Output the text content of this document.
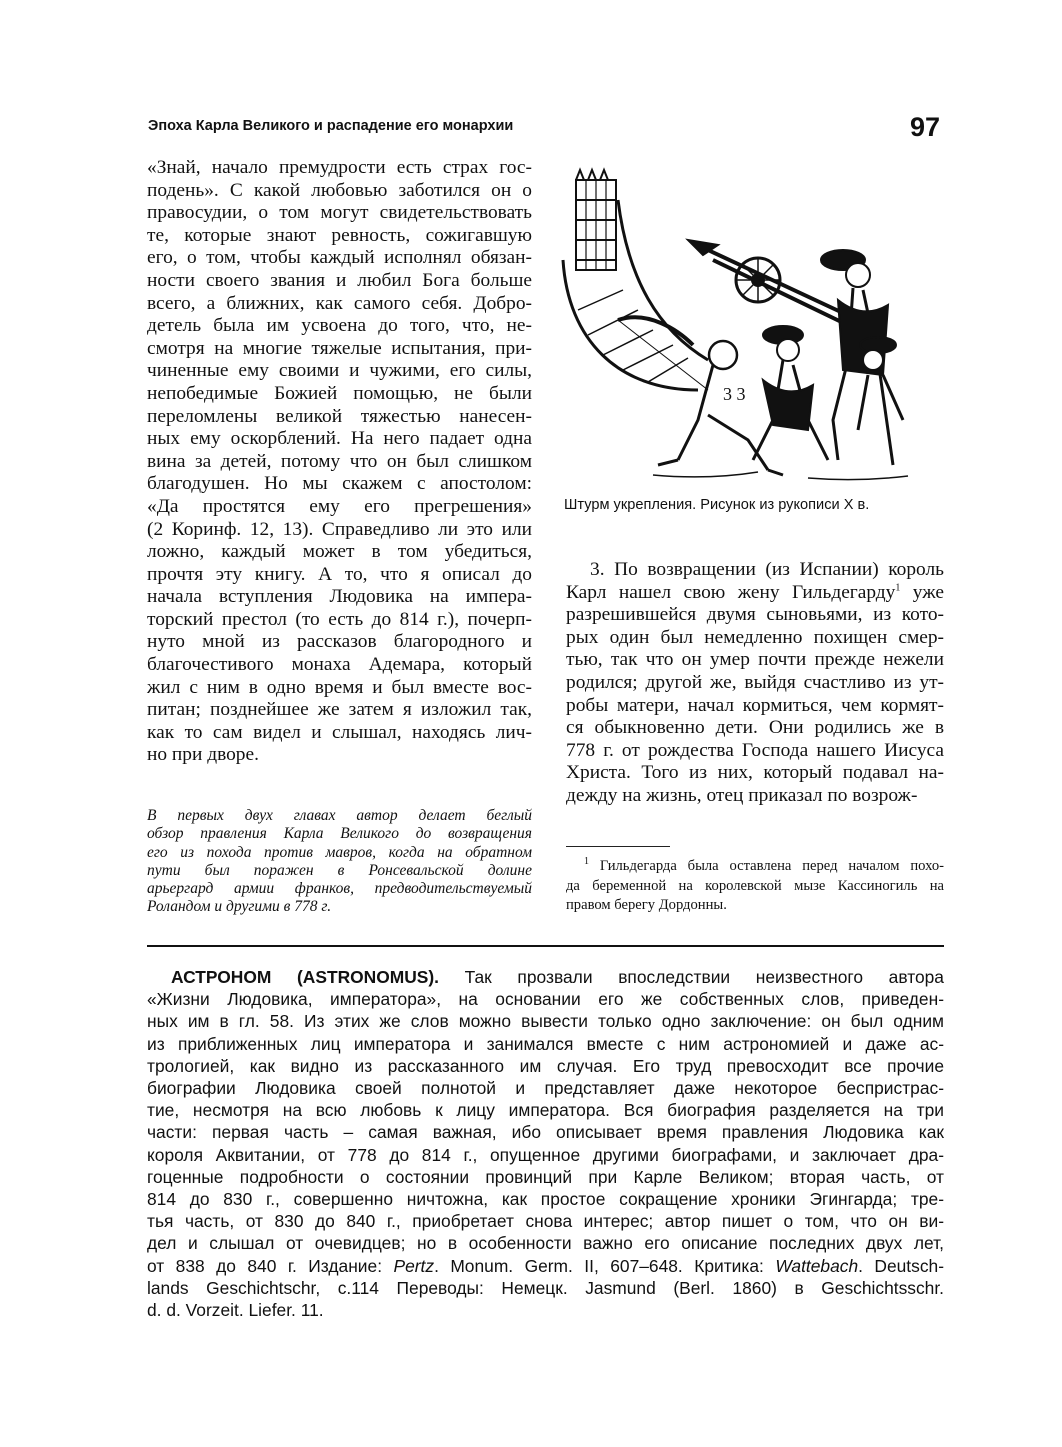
Эпоха Карла Великого и распадение его монархии	97
«Знай, начало премудрости есть страх гос-
подень». С какой любовью заботился он о
правосудии, о том могут свидетельствовать
те, которые знают ревность, сожигавшую
его, о том, чтобы каждый исполнял обязан-
ности своего звания и любил Бога больше
всего, а ближних, как самого себя. Добро-
детель была им усвоена до того, что, не-
смотря на многие тяжелые испытания, при-
чиненные ему своими и чужими, его силы,
непобедимые Божией помощью, не были
переломлены великой тяжестью нанесен-
ных ему оскорблений. На него падает одна
вина за детей, потому что он был слишком
благодушен. Но мы скажем с апостолом:
«Да простятся ему его прегрешения»
(2 Коринф. 12, 13). Справедливо ли это или
ложно, каждый может в том убедиться,
прочтя эту книгу. А то, что я описал до
начала вступления Людовика на импера-
торский престол (то есть до 814 г.), почерп-
нуто мной из рассказов благородного и
благочестивого монаха Адемара, который
жил с ним в одно время и был вместе вос-
питан; позднейшее же затем я изложил так,
как то сам видел и слышал, находясь лич-
но при дворе.
В первых двух главах автор делает беглый
обзор правления Карла Великого до возвращения
его из похода против мавров, когда на обратном
пути был поражен в Ронсевальской долине
арьергард армии франков, предводительствуемый
Роландом и другими в 778 г.
3 3
Штурм укрепления. Рисунок из рукописи X в.
3. По возвращении (из Испании) король
Карл нашел свою жену Гильдегарду$^1$ уже
разрешившейся двумя сыновьями, из кото-
рых один был немедленно похищен смер-
тью, так что он умер почти прежде нежели
родился; другой же, выйдя счастливо из ут-
робы матери, начал кормиться, чем кормят-
ся обыкновенно дети. Они родились же в
778 г. от рождества Господа нашего Иисуса
Христа. Того из них, который подавал на-
дежду на жизнь, отец приказал по возрож-
$^1$ Гильдегарда была оставлена перед началом похо-
да беременной на королевской мызе Кассиногиль на
правом берегу Дордонны.
АСТРОНОМ (ASTRONOMUS). Так прозвали впоследствии неизвестного автора
«Жизни Людовика, императора», на основании его же собственных слов, приведен-
ных им в гл. 58. Из этих же слов можно вывести только одно заключение: он был одним
из приближенных лиц императора и занимался вместе с ним астрономией и даже ас-
трологией, как видно из рассказанного им случая. Его труд превосходит все прочие
биографии Людовика своей полнотой и представляет даже некоторое беспристрас-
тие, несмотря на всю любовь к лицу императора. Вся биография разделяется на три
части: первая часть – самая важная, ибо описывает время правления Людовика как
короля Аквитании, от 778 до 814 г., опущенное другими биографами, и заключает дра-
гоценные подробности о состоянии провинций при Карле Великом; вторая часть, от
814 до 830 г., совершенно ничтожна, как простое сокращение хроники Эгингарда; тре-
тья часть, от 830 до 840 г., приобретает снова интерес; автор пишет о том, что он ви-
дел и слышал от очевидцев; но в особенности важно его описание последних двух лет,
от 838 до 840 г. Издание: Pertz. Monum. Germ. II, 607–648. Критика: Wattebach. Deutsch-
lands Geschichtschr, c.114 Переводы: Немецк. Jasmund (Berl. 1860) в Geschichtsschr.
d. d. Vorzeit. Liefer. 11.
